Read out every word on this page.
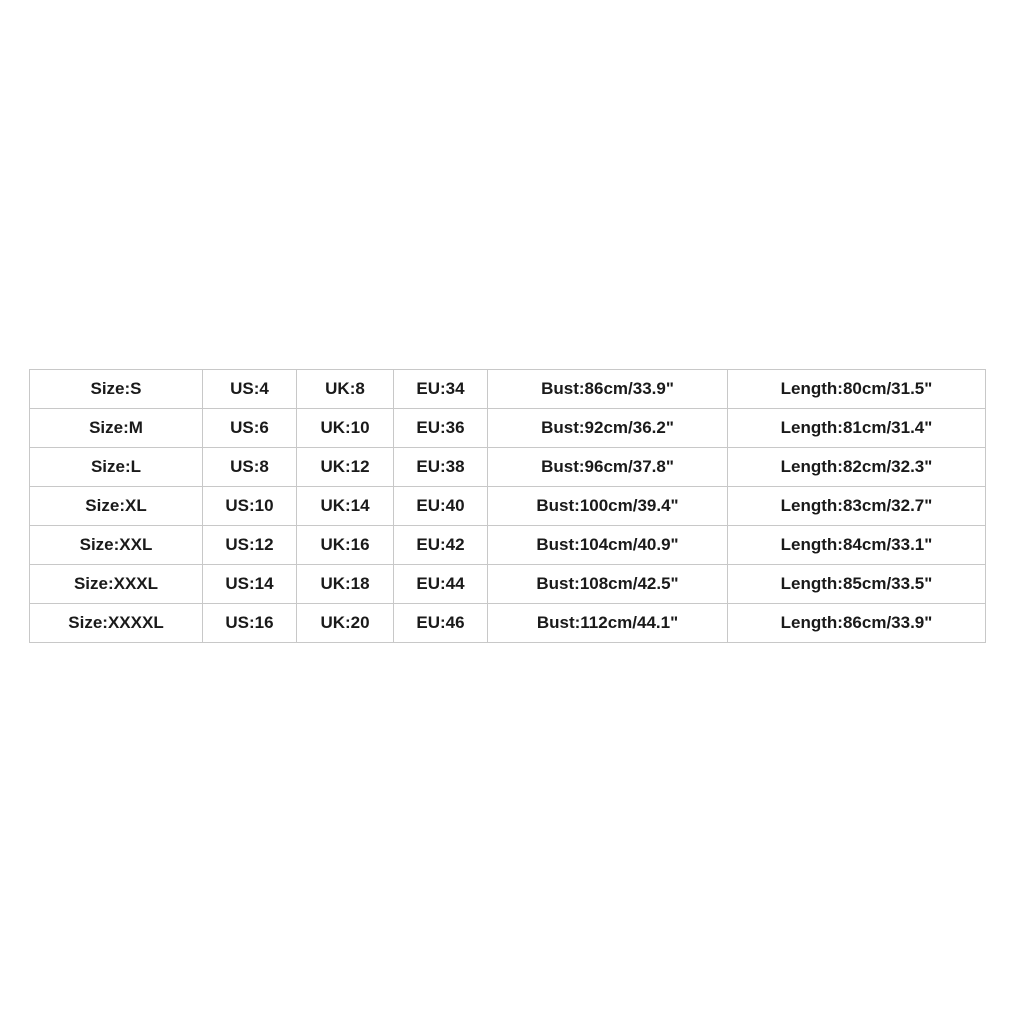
Size:S	US:4	UK:8	EU:34	Bust:86cm/33.9"	Length:80cm/31.5"
Size:M	US:6	UK:10	EU:36	Bust:92cm/36.2"	Length:81cm/31.4"
Size:L	US:8	UK:12	EU:38	Bust:96cm/37.8"	Length:82cm/32.3"
Size:XL	US:10	UK:14	EU:40	Bust:100cm/39.4"	Length:83cm/32.7"
Size:XXL	US:12	UK:16	EU:42	Bust:104cm/40.9"	Length:84cm/33.1"
Size:XXXL	US:14	UK:18	EU:44	Bust:108cm/42.5"	Length:85cm/33.5"
Size:XXXXL	US:16	UK:20	EU:46	Bust:112cm/44.1"	Length:86cm/33.9"
